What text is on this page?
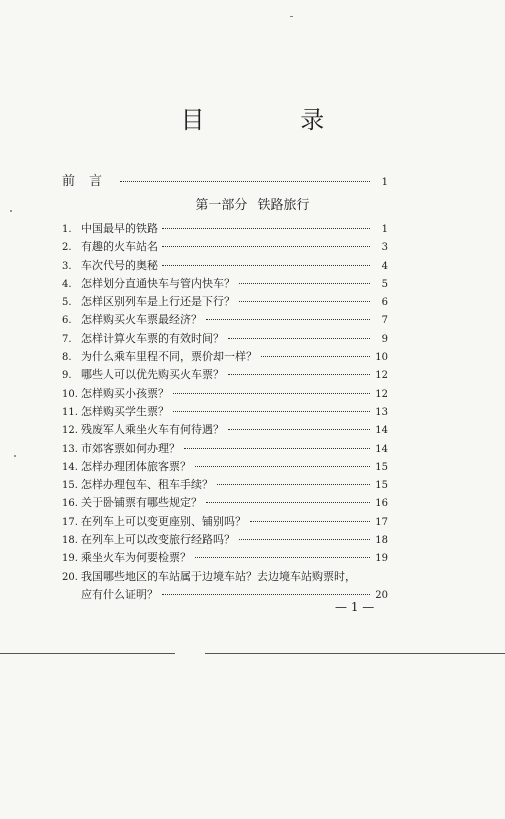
目 录
前言	1
第一部分 铁路旅行
1. 中国最早的铁路	1
2. 有趣的火车站名	3
3. 车次代号的奥秘	4
4. 怎样划分直通快车与管内快车？	5
5. 怎样区别列车是上行还是下行？	6
6. 怎样购买火车票最经济？	7
7. 怎样计算火车票的有效时间？	9
8. 为什么乘车里程不同，票价却一样？	10
9. 哪些人可以优先购买火车票？	12
10. 怎样购买小孩票？	12
11. 怎样购买学生票？	13
12. 残废军人乘坐火车有何待遇？	14
13. 市郊客票如何办理？	14
14. 怎样办理团体旅客票？	15
15. 怎样办理包车、租车手续？	15
16. 关于卧铺票有哪些规定？	16
17. 在列车上可以变更座别、铺别吗？	17
18. 在列车上可以改变旅行经路吗？	18
19. 乘坐火车为何要检票？	19
20. 我国哪些地区的车站属于边境车站？去边境车站购票时，
应有什么证明？	20
— 1 —
